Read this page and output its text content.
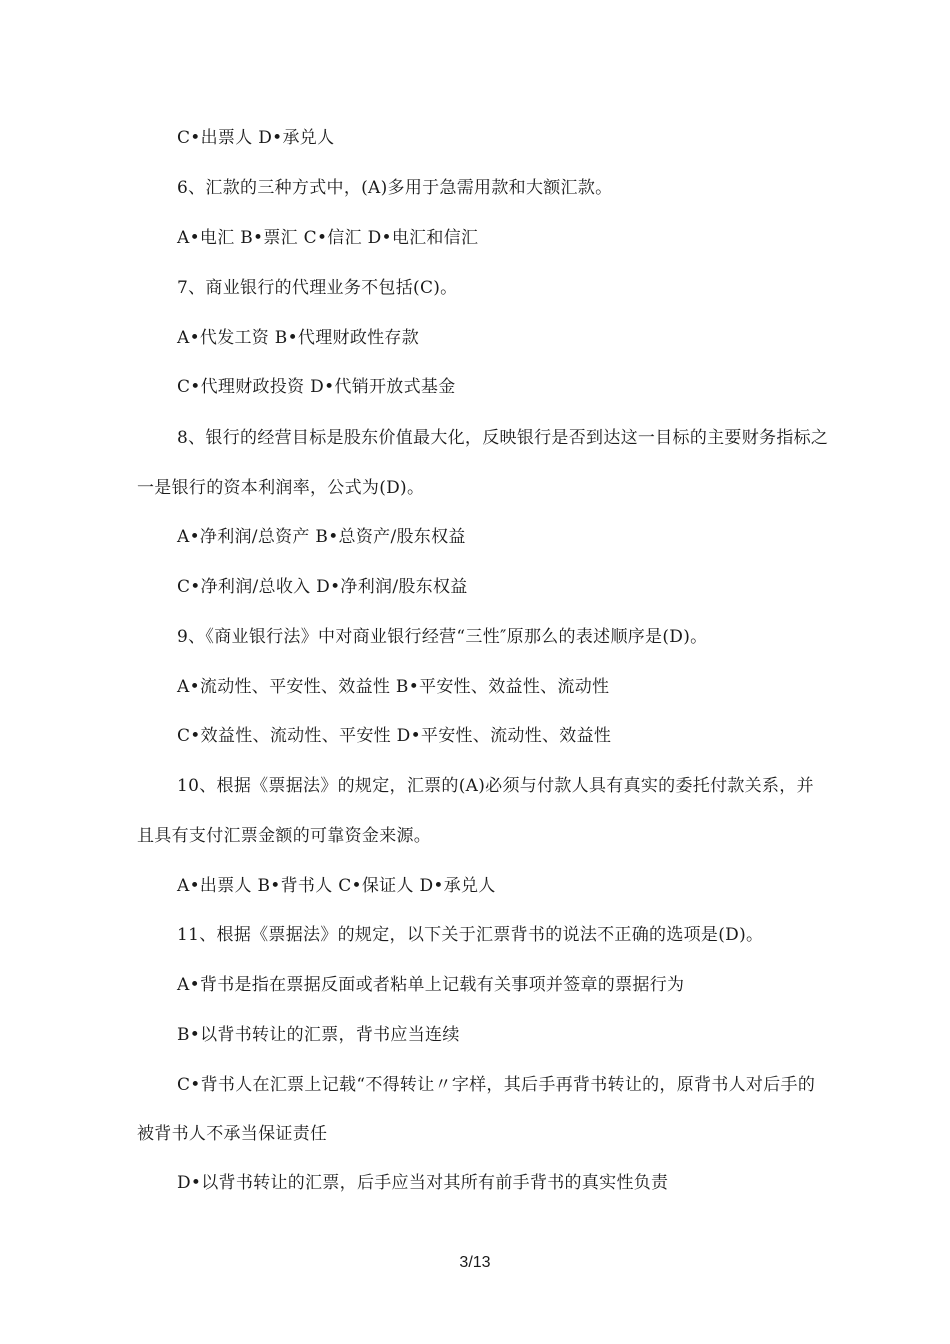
C•出票人 D•承兑人
6、汇款的三种方式中，(A)多用于急需用款和大额汇款。
A•电汇 B•票汇 C•信汇 D•电汇和信汇
7、商业银行的代理业务不包括(C)。
A•代发工资 B•代理财政性存款
C•代理财政投资 D•代销开放式基金
8、银行的经营目标是股东价值最大化，反映银行是否到达这一目标的主要财务指标之
一是银行的资本利润率，公式为(D)。
A•净利润/总资产 B•总资产/股东权益
C•净利润/总收入 D•净利润/股东权益
9、《商业银行法》中对商业银行经营“三性″原那么的表述顺序是(D)。
A•流动性、平安性、效益性 B•平安性、效益性、流动性
C•效益性、流动性、平安性 D•平安性、流动性、效益性
10、根据《票据法》的规定，汇票的(A)必须与付款人具有真实的委托付款关系，并
且具有支付汇票金额的可靠资金来源。
A•出票人 B•背书人 C•保证人 D•承兑人
11、根据《票据法》的规定，以下关于汇票背书的说法不正确的选项是(D)。
A•背书是指在票据反面或者粘单上记载有关事项并签章的票据行为
B•以背书转让的汇票，背书应当连续
C•背书人在汇票上记载“不得转让〃字样，其后手再背书转让的，原背书人对后手的
被背书人不承当保证责任
D•以背书转让的汇票，后手应当对其所有前手背书的真实性负责
3/13
